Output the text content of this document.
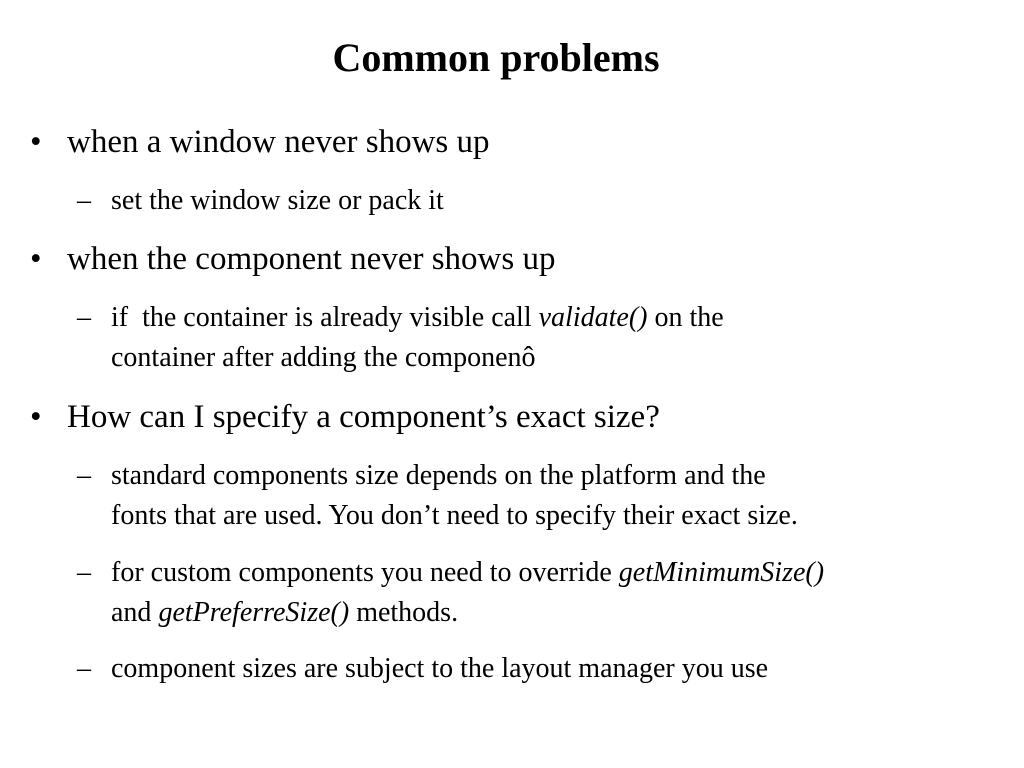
Common problems
• when a window never shows up
– set the window size or pack it
• when the component never shows up
– if  the container is already visible call validate() on the
container after adding the componenô
• How can I specify a component’s exact size?
– standard components size depends on the platform and the
fonts that are used. You don’t need to specify their exact size.
– for custom components you need to override getMinimumSize()
and getPreferreSize() methods.
– component sizes are subject to the layout manager you use
